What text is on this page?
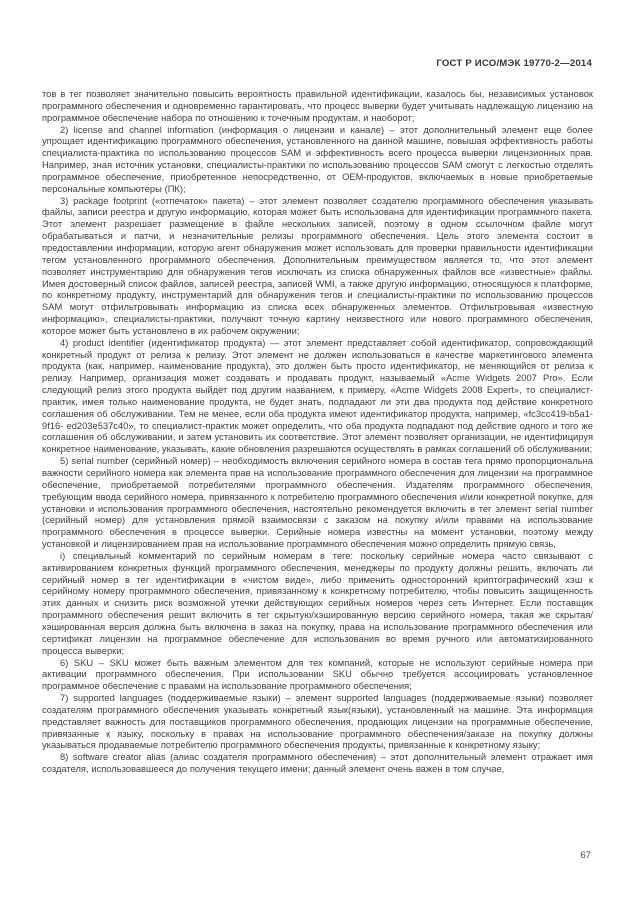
ГОСТ Р ИСО/МЭК 19770-2—2014

тов в тег позволяет значительно повысить вероятность правильной идентификации, казалось бы, независимых установок программного обеспечения и одновременно гарантировать, что процесс выверки будет учитывать надлежащую лицензию на программное обеспечение набора по отношению к точечным продуктам, и наоборот;

2) license and channel information (информация о лицензии и канале) – этот дополнительный элемент еще более упрощает идентификацию программного обеспечения, установленного на данной машине, повышая эффективность работы специалиста-практика по использованию процессов SAM и эффективность всего процесса выверки лицензионных прав. Например, зная источник установки, специалисты-практики по использованию процессов SAM смогут с легкостью отделять программное обеспечение, приобретенное непосредственно, от OEM-продуктов, включаемых в новые приобретаемые персональные компьютеры (ПК);

3) package footprint («отпечаток» пакета) – этот элемент позволяет создателю программного обеспечения указывать файлы, записи реестра и другую информацию, которая может быть использована для идентификации программного пакета. Этот элемент разрешает размещение в файле нескольких записей, поэтому в одном ссылочном файле могут обрабатываться и патчи, и незначительные релизы программного обеспечения. Цель этого элемента состоит в предоставлении информации, которую агент обнаружения может использовать для проверки правильности идентификации тегом установленного программного обеспечения. Дополнительным преимуществом является то, что этот элемент позволяет инструментарию для обнаружения тегов исключать из списка обнаруженных файлов все «известные» файлы. Имея достоверный список файлов, записей реестра, записей WMI, а также другую информацию, относящуюся к платформе, по конкретному продукту, инструментарий для обнаружения тегов и специалисты-практики по использованию процессов SAM могут отфильтровывать информацию из списка всех обнаруженных элементов. Отфильтровывая «известную информацию», специалисты-практики, получают точную картину неизвестного или нового программного обеспечения, которое может быть установлено в их рабочем окружении;

4) product identifier (идентификатор продукта) — этот элемент представляет собой идентификатор, сопровождающий конкретный продукт от релиза к релизу. Этот элемент не должен использоваться в качестве маркетингового элемента продукта (как, например, наименование продукта), это должен быть просто идентификатор, не меняющийся от релиза к релизу. Например, организация может создавать и продавать продукт, называемый «Acme Widgets 2007 Pro». Если следующий релиз этого продукта выйдет под другим названием, к примеру, «Acme Widgets 2008 Expert», то специалист-практик, имея только наименование продукта, не будет знать, подпадают ли эти два продукта под действие конкретного соглашения об обслуживании. Тем не менее, если оба продукта имеют идентификатор продукта, например, «fc3cc419-b5a1-9f16- ed203e537c40», то специалист-практик может определить, что оба продукта подпадают под действие одного и того же соглашения об обслуживании, и затем установить их соответствие. Этот элемент позволяет организации, не идентифицируя конкретное наименование, указывать, какие обновления разрешаются осуществлять в рамках соглашений об обслуживании;

5) serial number (серийный номер) – необходимость включения серийного номера в состав тега прямо пропорциональна важности серийного номера как элемента прав на использование программного обеспечения для лицензии на программное обеспечение, приобретаемой потребителями программного обеспечения. Издателям программного обеспечения, требующим ввода серийного номера, привязанного к потребителю программного обеспечения и/или конкретной покупке, для установки и использования программного обеспечения, настоятельно рекомендуется включить в тег элемент serial number (серийный номер) для установления прямой взаимосвязи с заказом на покупку и/или правами на использование программного обеспечения в процессе выверки. Серийные номера известны на момент установки, поэтому между установкой и лицензированием прав на использование программного обеспечения можно определить прямую связь,

i) специальный комментарий по серийным номерам в теге: поскольку серийные номера часто связывают с активированием конкретных функций программного обеспечения, менеджеры по продукту должны решить, включать ли серийный номер в тег идентификации в «чистом виде», либо применить односторонний криптографический хэш к серийному номеру программного обеспечения, привязанному к конкретному потребителю, чтобы повысить защищенность этих данных и снизить риск возможной утечки действующих серийных номеров через сеть Интернет. Если поставщик программного обеспечения решит включить в тег скрытую/хэшированную версию серийного номера, такая же скрытая/хэшированная версия должна быть включена в заказ на покупку, права на использование программного обеспечения или сертификат лицензии на программное обеспечение для использования во время ручного или автоматизированного процесса выверки;

6) SKU – SKU может быть важным элементом для тех компаний, которые не используют серийные номера при активации программного обеспечения. При использовании SKU обычно требуется ассоциировать установленное программное обеспечение с правами на использование программного обеспечения;

7) supported languages (поддерживаемые языки) – элемент supported languages (поддерживаемые языки) позволяет создателям программного обеспечения указывать конкретный язык(языки), установленный на машине. Эта информация представляет важность для поставщиков программного обеспечения, продающих лицензии на программные обеспечение, привязанные к языку, поскольку в правах на использование программного обеспечения/заказе на покупку должны указываться продаваемые потребителю программного обеспечения продукты, привязанные к конкретному языку;

8) software creator alias (алиас создателя программного обеспечения) – этот дополнительный элемент отражает имя создателя, использовавшееся до получения текущего имени; данный элемент очень важен в том случае,

67
